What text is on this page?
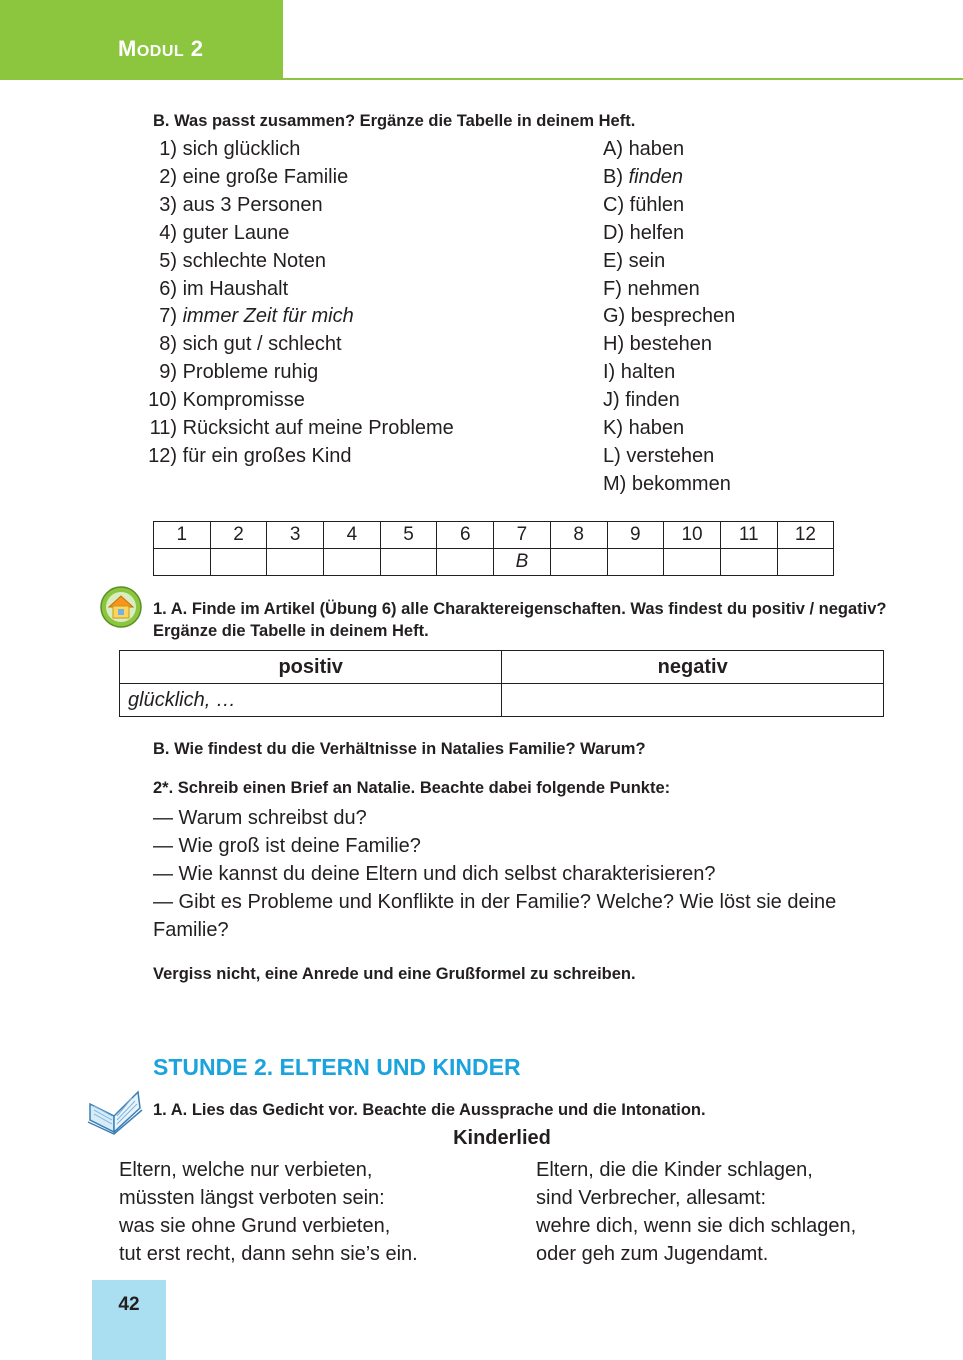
MODUL 2
B. Was passt zusammen? Ergänze die Tabelle in deinem Heft.
1) sich glücklich
2) eine große Familie
3) aus 3 Personen
4) guter Laune
5) schlechte Noten
6) im Haushalt
7) immer Zeit für mich
8) sich gut / schlecht
9) Probleme ruhig
10) Kompromisse
11) Rücksicht auf meine Probleme
12) für ein großes Kind
A) haben
B) finden
C) fühlen
D) helfen
E) sein
F) nehmen
G) besprechen
H) bestehen
I) halten
J) finden
K) haben
L) verstehen
M) bekommen
1	2	3	4	5	6	7	8	9	10	11	12
						B					
1. A. Finde im Artikel (Übung 6) alle Charaktereigenschaften. Was findest du positiv / negativ? Ergänze die Tabelle in deinem Heft.
positiv	negativ
glücklich, …	
B. Wie findest du die Verhältnisse in Natalies Familie? Warum?
2*. Schreib einen Brief an Natalie. Beachte dabei folgende Punkte:
— Warum schreibst du?
— Wie groß ist deine Familie?
— Wie kannst du deine Eltern und dich selbst charakterisieren?
— Gibt es Probleme und Konflikte in der Familie? Welche? Wie löst sie deine Familie?
Vergiss nicht, eine Anrede und eine Grußformel zu schreiben.
STUNDE 2. ELTERN UND KINDER
1. A. Lies das Gedicht vor. Beachte die Aussprache und die Intonation.
Kinderlied
Eltern, welche nur verbieten,
müssten längst verboten sein:
was sie ohne Grund verbieten,
tut erst recht, dann sehn sie’s ein.
Eltern, die die Kinder schlagen,
sind Verbrecher, allesamt:
wehre dich, wenn sie dich schlagen,
oder geh zum Jugendamt.
42
